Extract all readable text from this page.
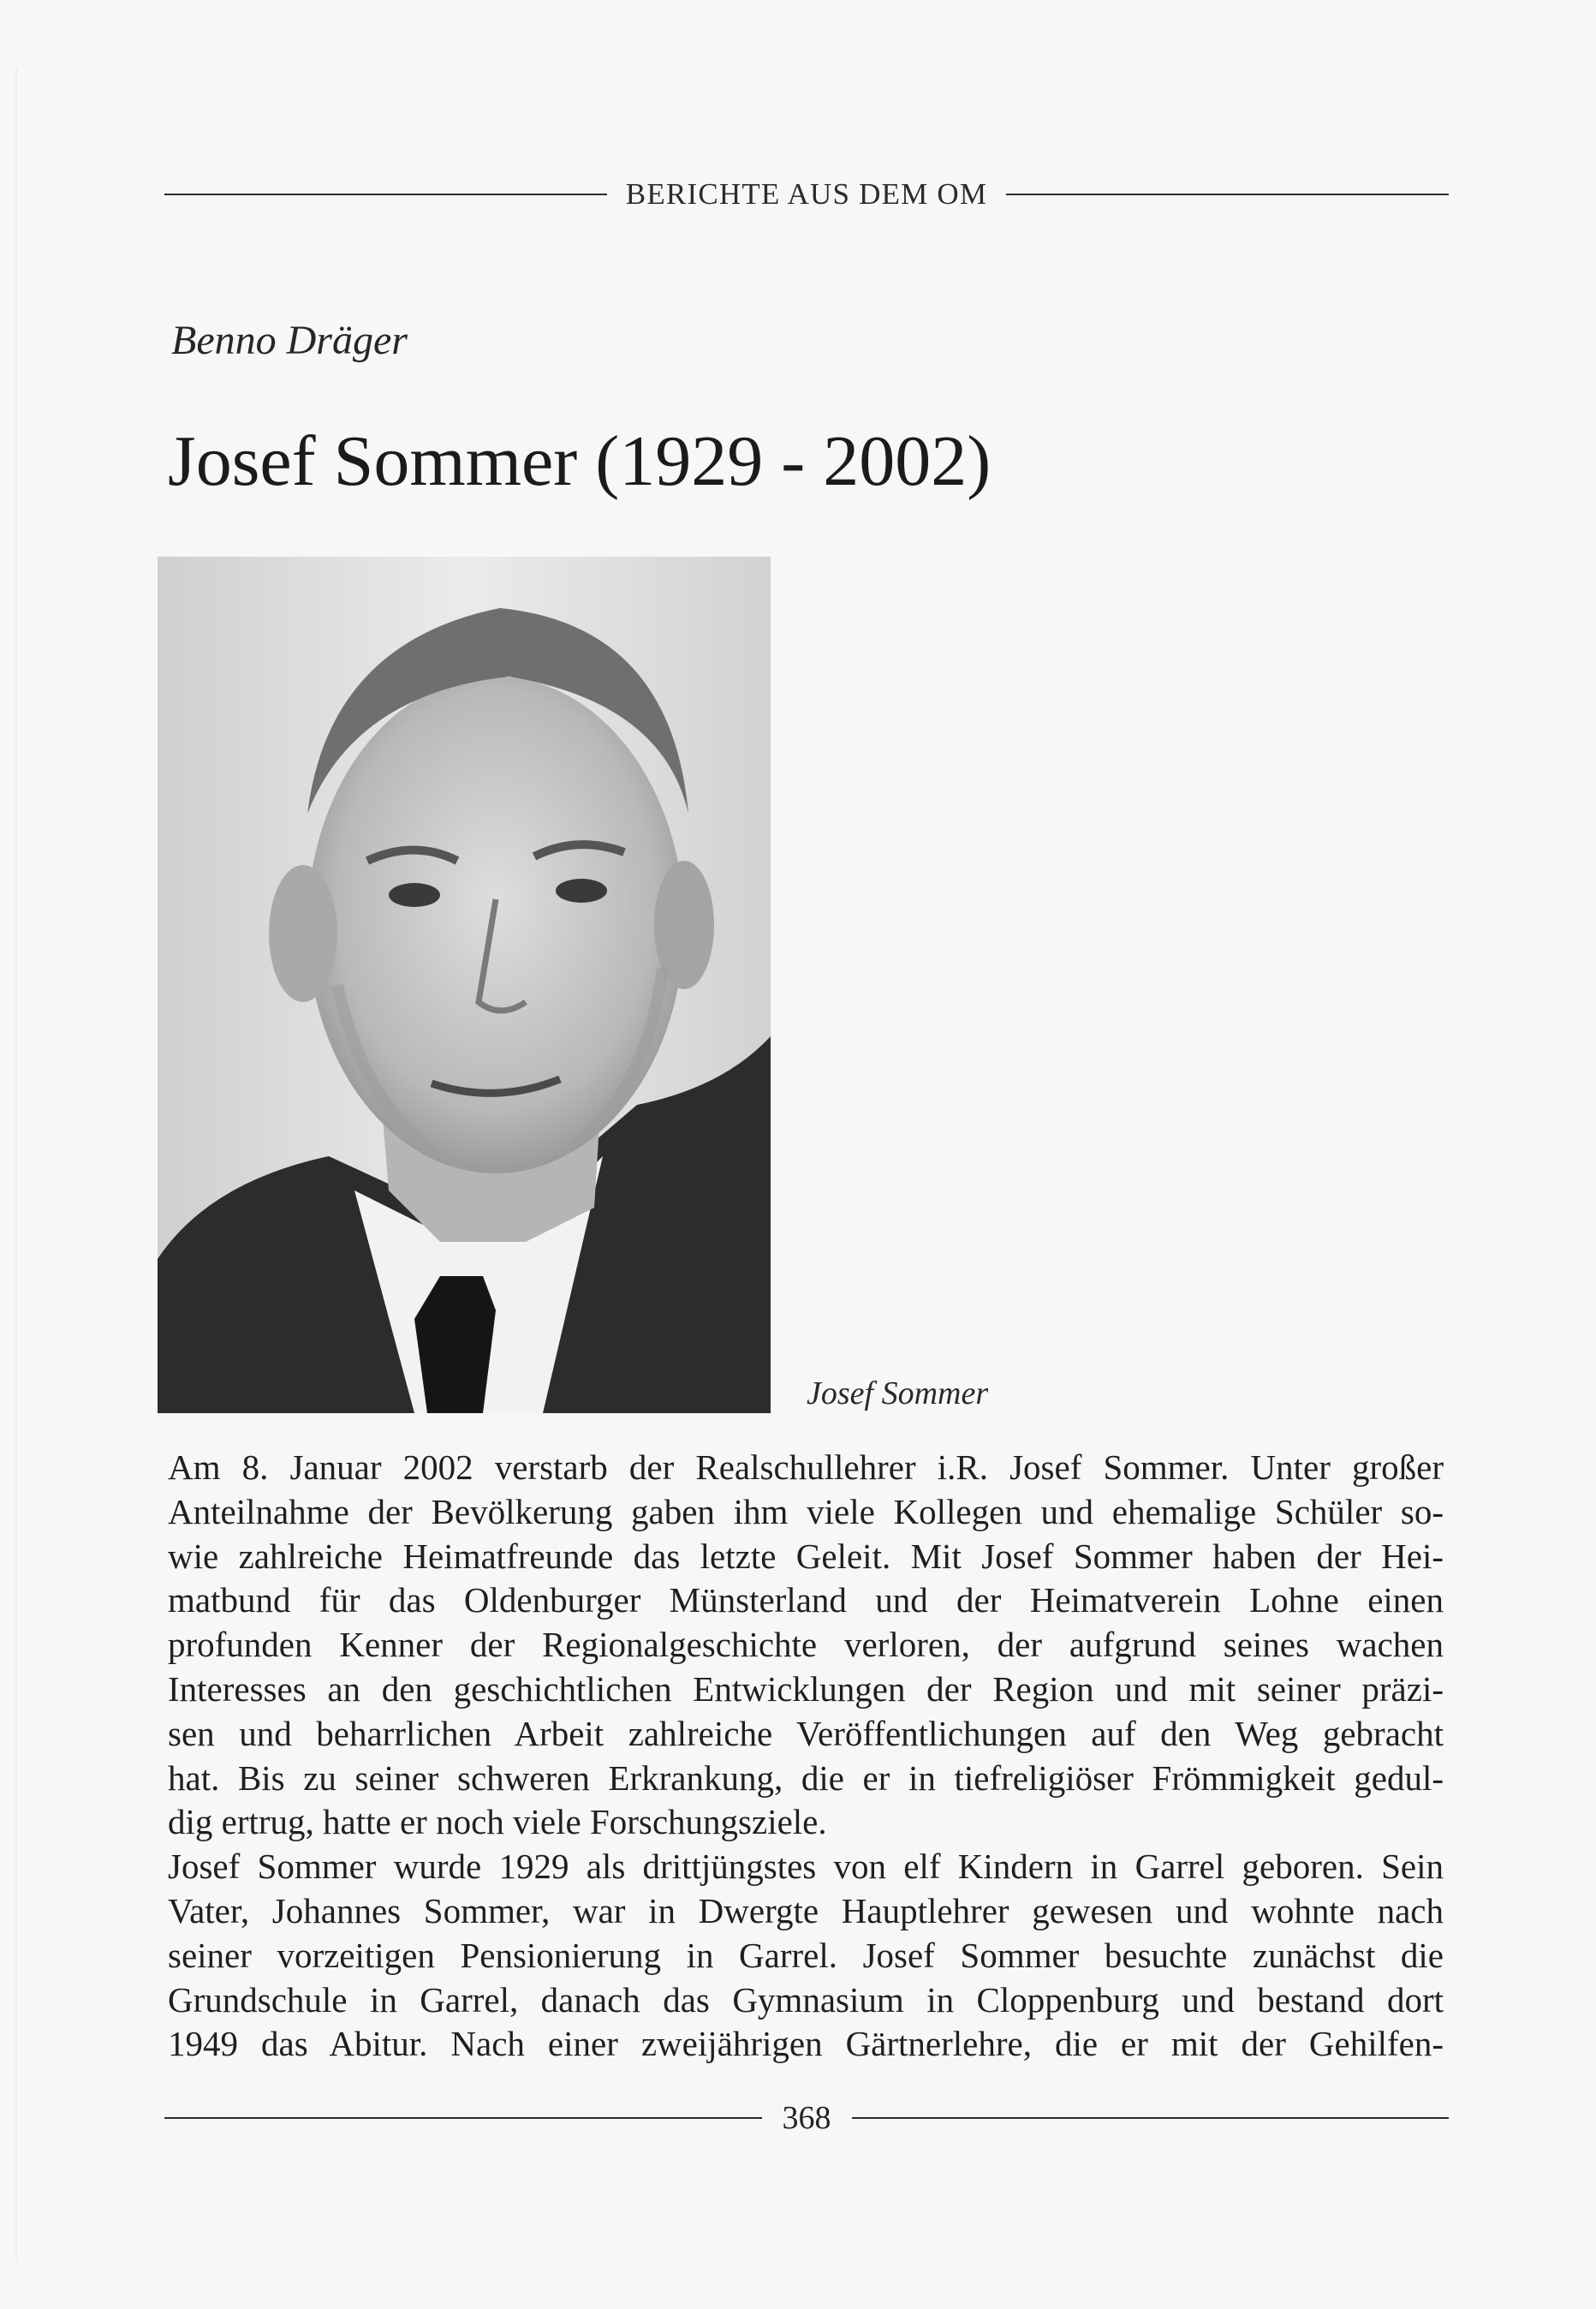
BERICHTE AUS DEM OM
Benno Dräger
Josef Sommer (1929 - 2002)
Josef Sommer
Am 8. Januar 2002 verstarb der Realschullehrer i.R. Josef Sommer. Unter großer
Anteilnahme der Bevölkerung gaben ihm viele Kollegen und ehemalige Schüler so-
wie zahlreiche Heimatfreunde das letzte Geleit. Mit Josef Sommer haben der Hei-
matbund für das Oldenburger Münsterland und der Heimatverein Lohne einen
profunden Kenner der Regionalgeschichte verloren, der aufgrund seines wachen
Interesses an den geschichtlichen Entwicklungen der Region und mit seiner präzi-
sen und beharrlichen Arbeit zahlreiche Veröffentlichungen auf den Weg gebracht
hat. Bis zu seiner schweren Erkrankung, die er in tiefreligiöser Frömmigkeit gedul-
dig ertrug, hatte er noch viele Forschungsziele.
Josef Sommer wurde 1929 als drittjüngstes von elf Kindern in Garrel geboren. Sein
Vater, Johannes Sommer, war in Dwergte Hauptlehrer gewesen und wohnte nach
seiner vorzeitigen Pensionierung in Garrel. Josef Sommer besuchte zunächst die
Grundschule in Garrel, danach das Gymnasium in Cloppenburg und bestand dort
1949 das Abitur. Nach einer zweijährigen Gärtnerlehre, die er mit der Gehilfen-
368
